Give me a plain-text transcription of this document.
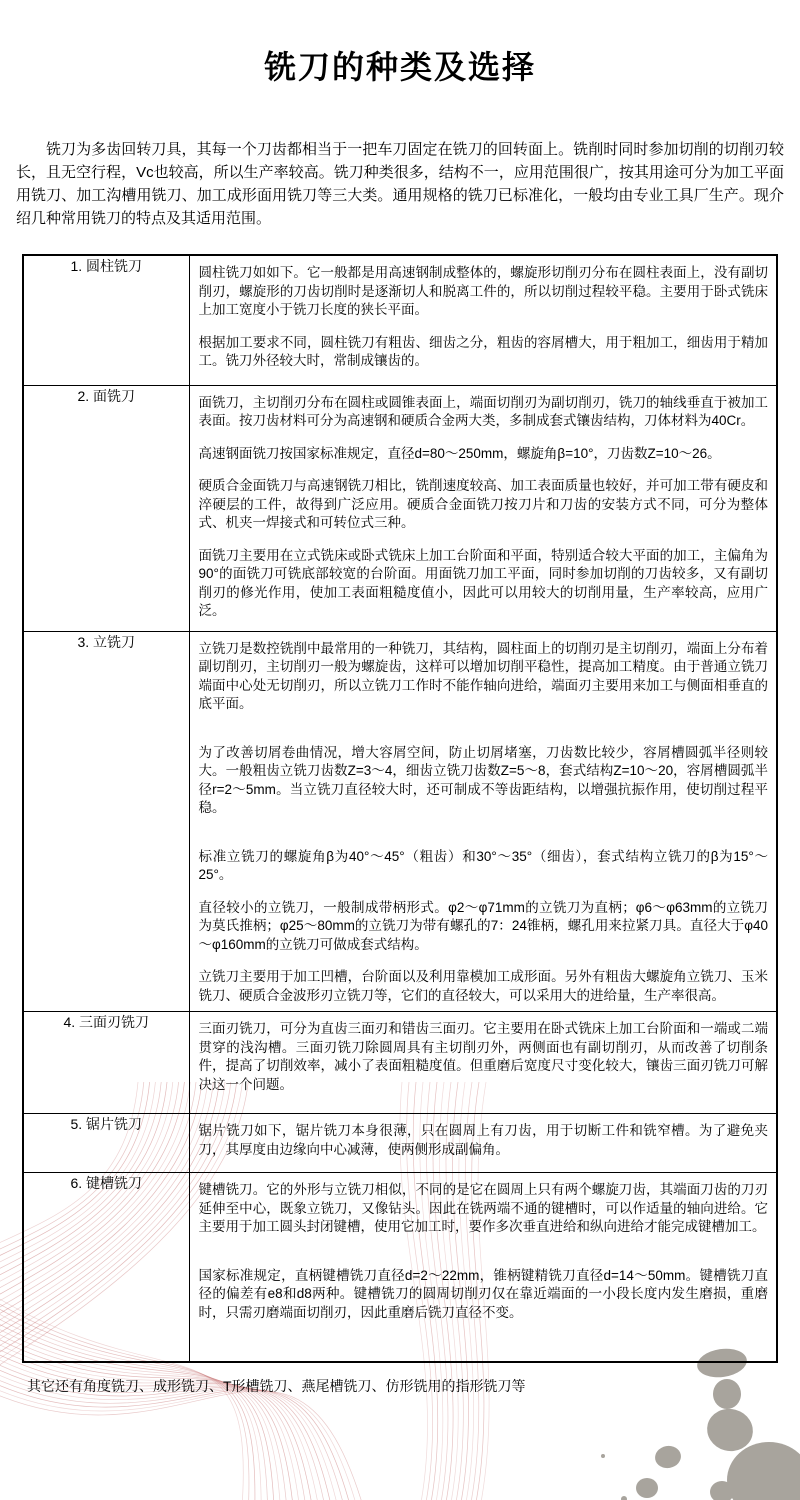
铣刀的种类及选择

铣刀为多齿回转刀具，其每一个刀齿都相当于一把车刀固定在铣刀的回转面上。铣削时同时参加切削的切削刃较长，且无空行程，Vc也较高，所以生产率较高。铣刀种类很多，结构不一，应用范围很广，按其用途可分为加工平面用铣刀、加工沟槽用铣刀、加工成形面用铣刀等三大类。通用规格的铣刀已标准化，一般均由专业工具厂生产。现介绍几种常用铣刀的特点及其适用范围。

1. 圆柱铣刀	圆柱铣刀如如下。它一般都是用高速钢制成整体的，螺旋形切削刃分布在圆柱表面上，没有副切削刃，螺旋形的刀齿切削时是逐渐切人和脱离工件的，所以切削过程较平稳。主要用于卧式铣床上加工宽度小于铣刀长度的狭长平面。

根据加工要求不同，圆柱铣刀有粗齿、细齿之分，粗齿的容屑槽大，用于粗加工，细齿用于精加工。铣刀外径较大时，常制成镶齿的。

2. 面铣刀	面铣刀，主切削刃分布在圆柱或圆锥表面上，端面切削刃为副切削刃，铣刀的轴线垂直于被加工表面。按刀齿材料可分为高速钢和硬质合金两大类，多制成套式镶齿结构，刀体材料为40Cr。

高速钢面铣刀按国家标准规定，直径d=80～250mm，螺旋角β=10°，刀齿数Z=10～26。

硬质合金面铣刀与高速钢铣刀相比，铣削速度较高、加工表面质量也较好，并可加工带有硬皮和淬硬层的工件，故得到广泛应用。硬质合金面铣刀按刀片和刀齿的安装方式不同，可分为整体式、机夹一焊接式和可转位式三种。

面铣刀主要用在立式铣床或卧式铣床上加工台阶面和平面，特别适合较大平面的加工，主偏角为90°的面铣刀可铣底部较宽的台阶面。用面铣刀加工平面，同时参加切削的刀齿较多，又有副切削刃的修光作用，使加工表面粗糙度值小，因此可以用较大的切削用量，生产率较高，应用广泛。

3. 立铣刀	立铣刀是数控铣削中最常用的一种铣刀，其结构，圆柱面上的切削刃是主切削刃，端面上分布着副切削刃，主切削刃一般为螺旋齿，这样可以增加切削平稳性，提高加工精度。由于普通立铣刀端面中心处无切削刃，所以立铣刀工作时不能作轴向进给，端面刃主要用来加工与侧面相垂直的底平面。

为了改善切屑卷曲情况，增大容屑空间，防止切屑堵塞，刀齿数比较少，容屑槽圆弧半径则较大。一般粗齿立铣刀齿数Z=3～4，细齿立铣刀齿数Z=5～8，套式结构Z=10～20，容屑槽圆弧半径r=2～5mm。当立铣刀直径较大时，还可制成不等齿距结构，以增强抗振作用，使切削过程平稳。

标准立铣刀的螺旋角β为40°～45°（粗齿）和30°～35°（细齿），套式结构立铣刀的β为15°～25°。

直径较小的立铣刀，一般制成带柄形式。φ2～φ71mm的立铣刀为直柄；φ6～φ63mm的立铣刀为莫氏推柄；φ25～80mm的立铣刀为带有螺孔的7：24锥柄，螺孔用来拉紧刀具。直径大于φ40～φ160mm的立铣刀可做成套式结构。

立铣刀主要用于加工凹槽，台阶面以及利用靠模加工成形面。另外有粗齿大螺旋角立铣刀、玉米铣刀、硬质合金波形刃立铣刀等，它们的直径较大，可以采用大的进给量，生产率很高。

4. 三面刃铣刀	三面刃铣刀，可分为直齿三面刃和错齿三面刃。它主要用在卧式铣床上加工台阶面和一端或二端贯穿的浅沟槽。三面刃铣刀除圆周具有主切削刃外，两侧面也有副切削刃，从而改善了切削条件，提高了切削效率，减小了表面粗糙度值。但重磨后宽度尺寸变化较大，镶齿三面刃铣刀可解决这一个问题。

5. 锯片铣刀	锯片铣刀如下，锯片铣刀本身很薄，只在圆周上有刀齿，用于切断工件和铣窄槽。为了避免夹刀，其厚度由边缘向中心减薄，使两侧形成副偏角。

6. 键槽铣刀	键槽铣刀。它的外形与立铣刀相似，不同的是它在圆周上只有两个螺旋刀齿，其端面刀齿的刀刃延伸至中心，既象立铣刀，又像钻头。因此在铣两端不通的键槽时，可以作适量的轴向进给。它主要用于加工圆头封闭键槽，使用它加工时，要作多次垂直进给和纵向进给才能完成键槽加工。

国家标准规定，直柄键槽铣刀直径d=2～22mm，锥柄键精铣刀直径d=14～50mm。键槽铣刀直径的偏差有e8和d8两种。键槽铣刀的圆周切削刃仅在靠近端面的一小段长度内发生磨损，重磨时，只需刃磨端面切削刃，因此重磨后铣刀直径不变。

其它还有角度铣刀、成形铣刀、T形槽铣刀、燕尾槽铣刀、仿形铣用的指形铣刀等
